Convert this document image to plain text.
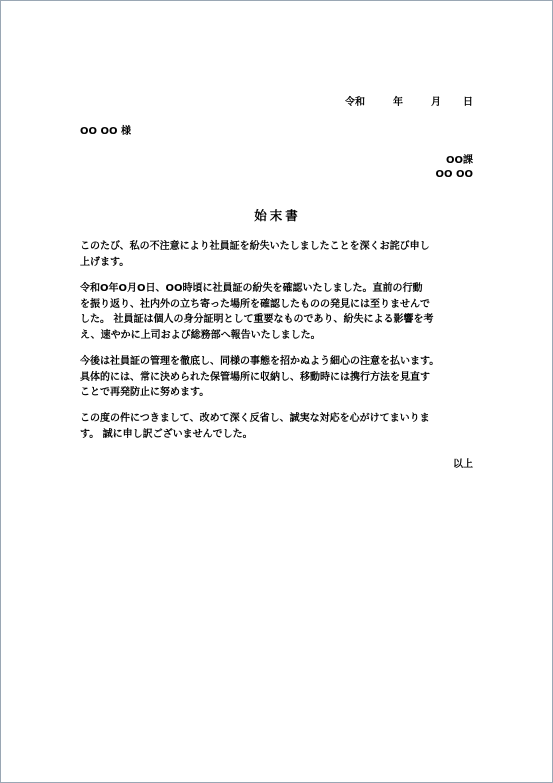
令和	年	月 日
OO OO 様
OO課
OO OO
始末書
このたび、私の不注意により社員証を紛失いたしましたことを深くお詫び申し
上げます。
令和O年O月O日、OO時頃に社員証の紛失を確認いたしました。直前の行動
を振り返り、社内外の立ち寄った場所を確認したものの発見には至りませんで
した。 社員証は個人の身分証明として重要なものであり、紛失による影響を考
え、速やかに上司および総務部へ報告いたしました。
今後は社員証の管理を徹底し、同様の事態を招かぬよう細心の注意を払います。
具体的には、常に決められた保管場所に収納し、移動時には携行方法を見直す
ことで再発防止に努めます。
この度の件につきまして、改めて深く反省し、誠実な対応を心がけてまいりま
す。 誠に申し訳ございませんでした。
以上
